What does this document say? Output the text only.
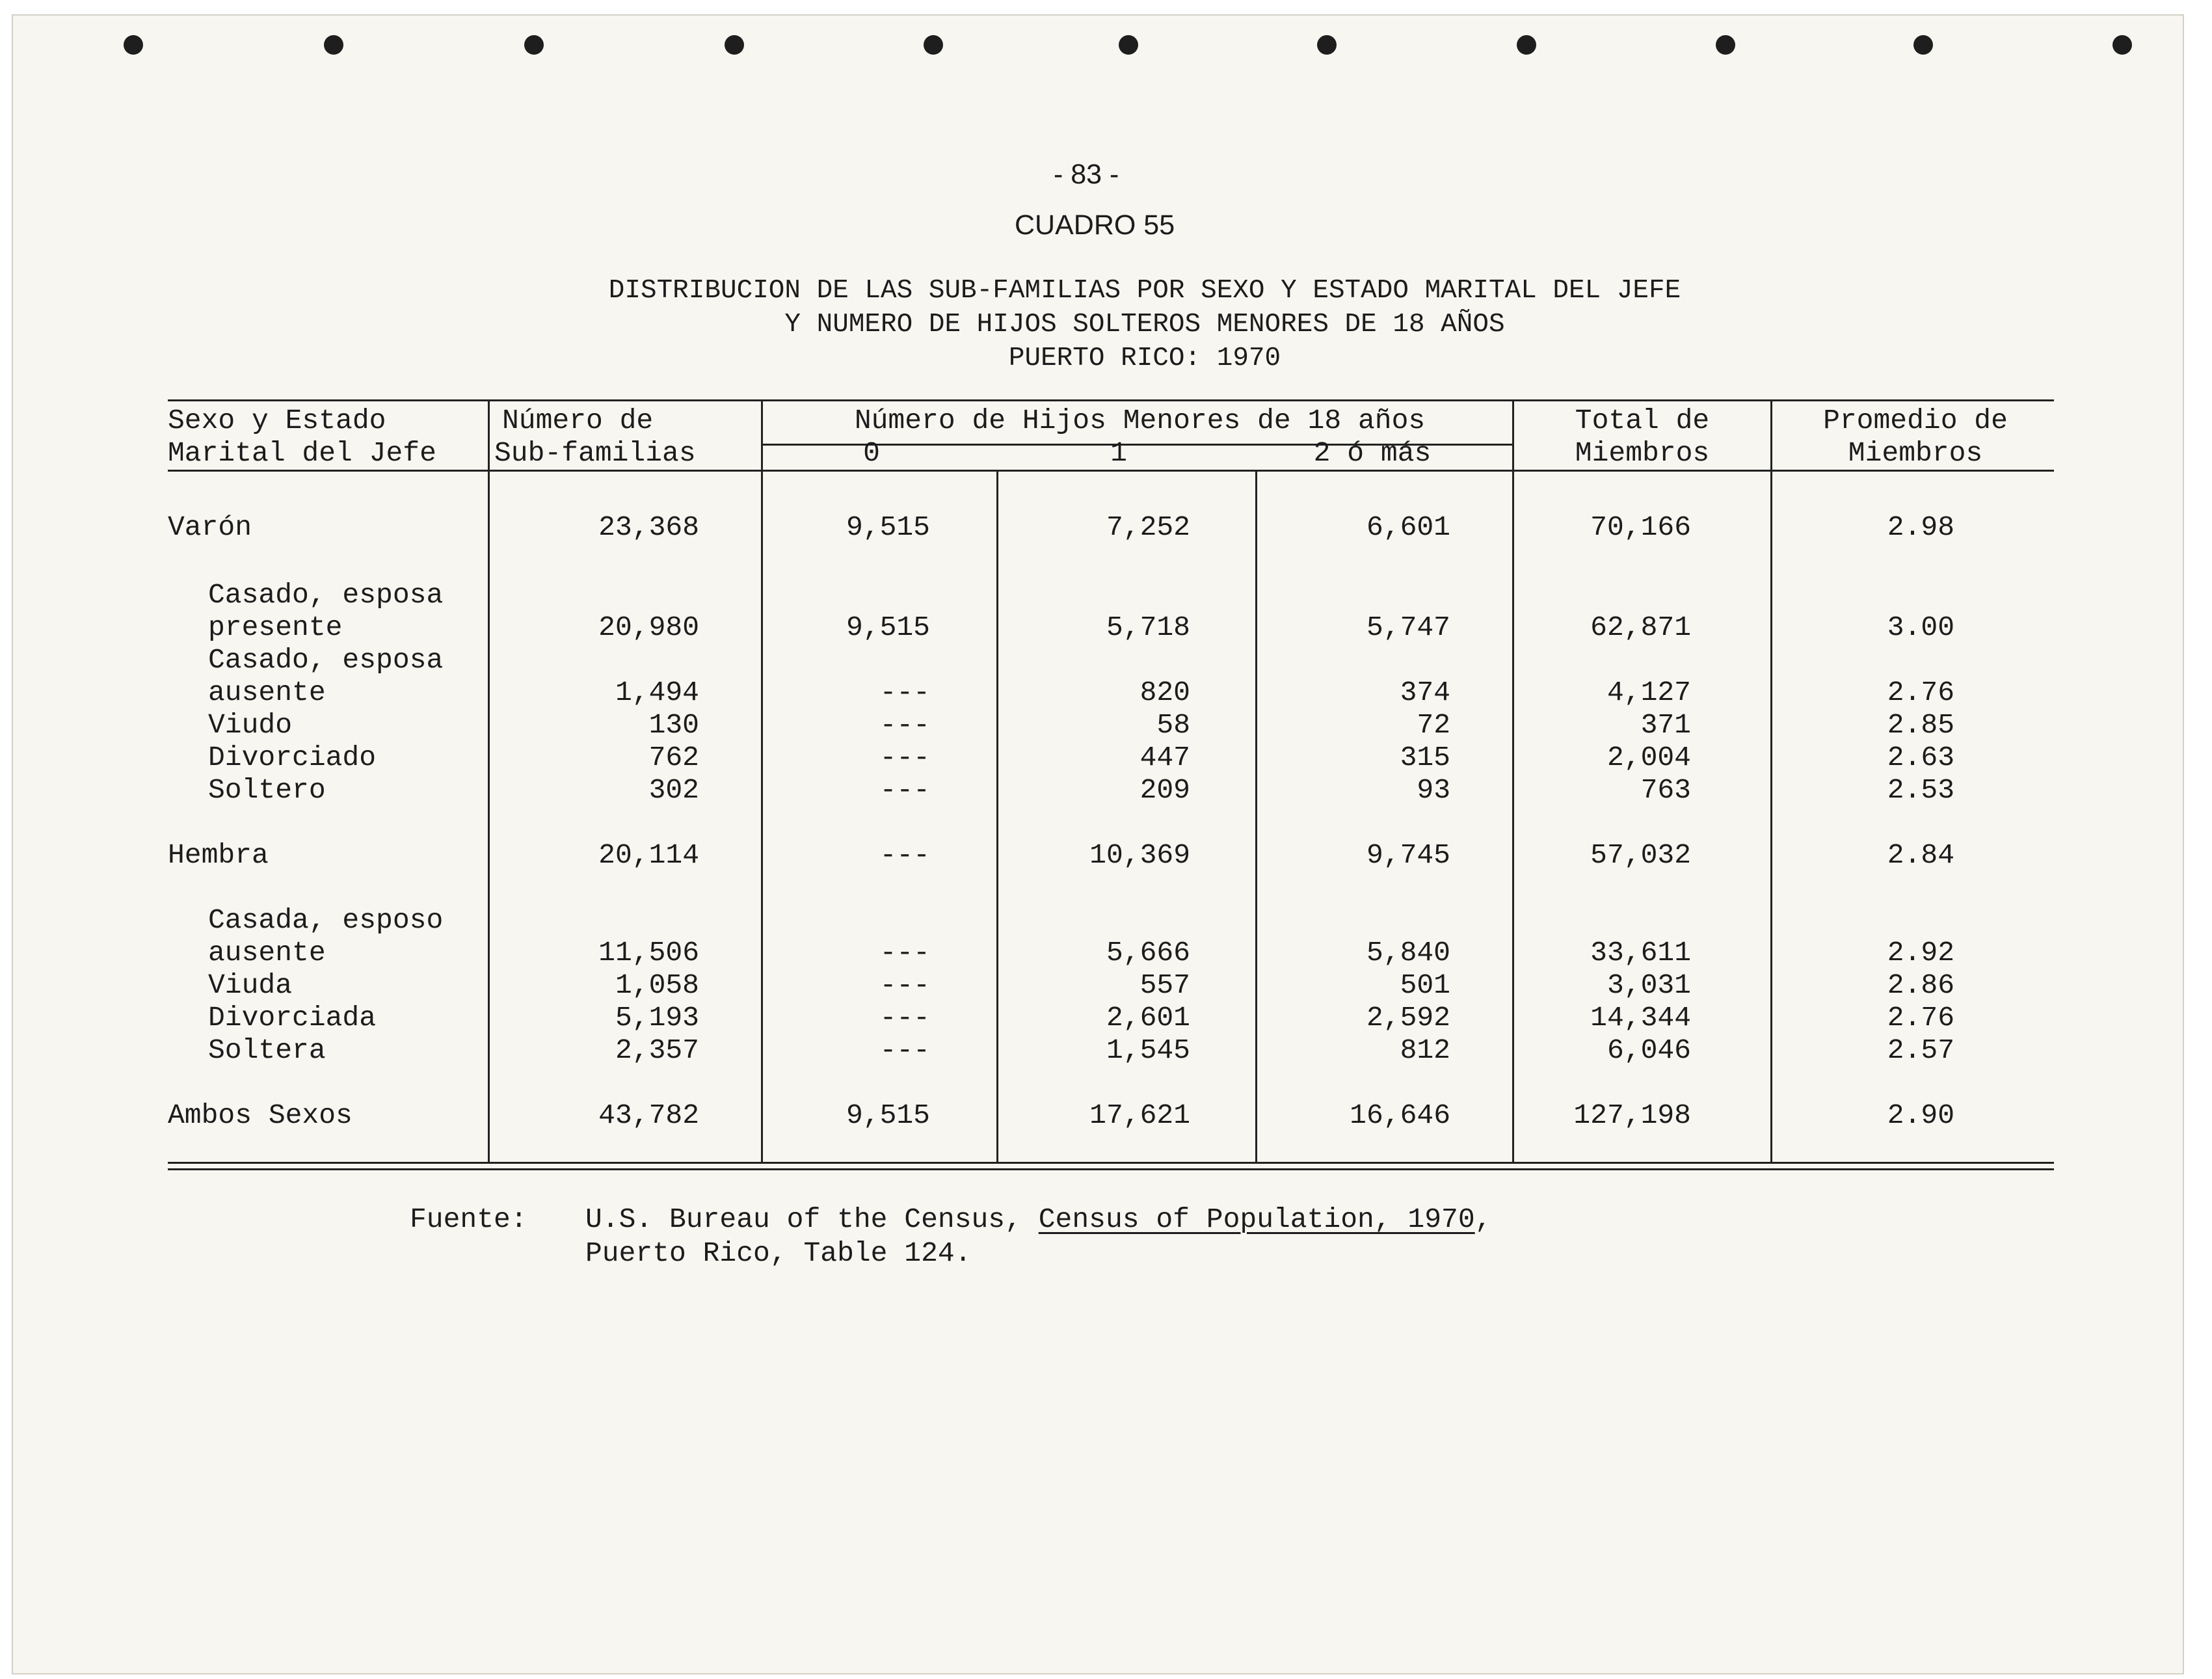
- 83 -
CUADRO 55
DISTRIBUCION DE LAS SUB-FAMILIAS POR SEXO Y ESTADO MARITAL DEL JEFE
Y NUMERO DE HIJOS SOLTEROS MENORES DE 18 AÑOS
PUERTO RICO: 1970
Sexo y Estado
Marital del Jefe
Número de
Sub-familias
Número de Hijos Menores de 18 años
0	1	2 ó más
Total de
Miembros
Promedio de
Miembros
Varón	23,368	9,515	7,252	6,601	70,166	2.98
Casado, esposa
presente	20,980	9,515	5,718	5,747	62,871	3.00
Casado, esposa
ausente	1,494	---	820	374	4,127	2.76
Viudo	130	---	58	72	371	2.85
Divorciado	762	---	447	315	2,004	2.63
Soltero	302	---	209	93	763	2.53
Hembra	20,114	---	10,369	9,745	57,032	2.84
Casada, esposo
ausente	11,506	---	5,666	5,840	33,611	2.92
Viuda	1,058	---	557	501	3,031	2.86
Divorciada	5,193	---	2,601	2,592	14,344	2.76
Soltera	2,357	---	1,545	812	6,046	2.57
Ambos Sexos	43,782	9,515	17,621	16,646	127,198	2.90
Fuente: U.S. Bureau of the Census, Census of Population, 1970,
Puerto Rico, Table 124.
